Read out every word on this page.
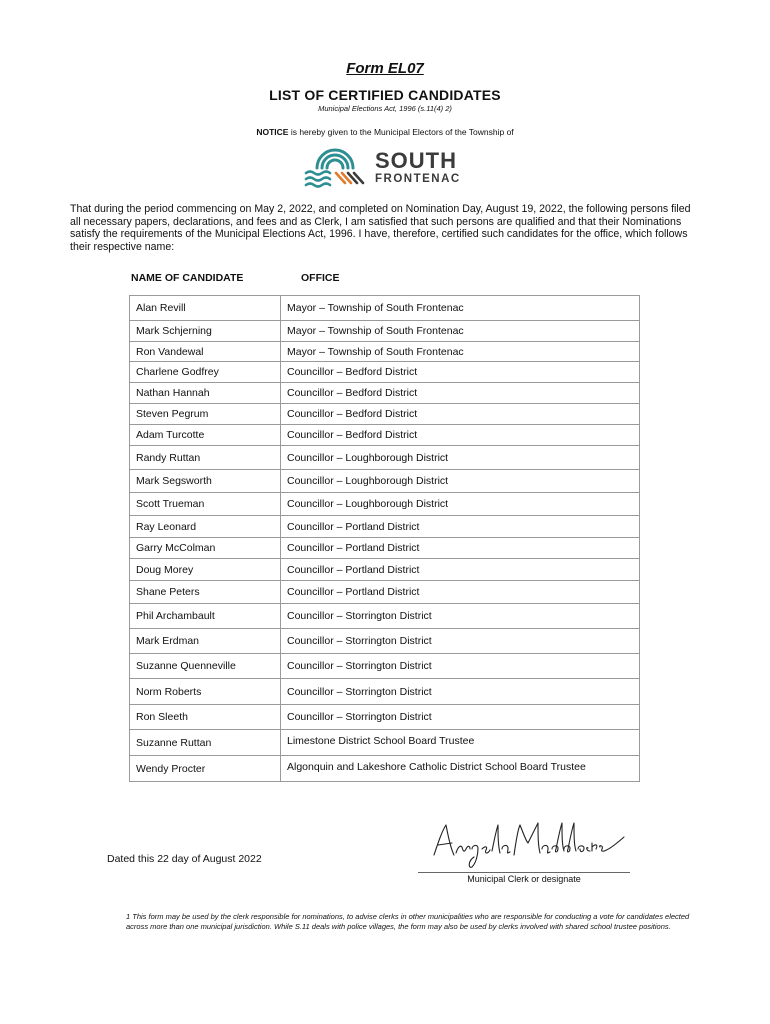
Form EL07
LIST OF CERTIFIED CANDIDATES
Municipal Elections Act, 1996 (s.11(4) 2)
NOTICE is hereby given to the Municipal Electors of the Township of
SOUTH
FRONTENAC
That during the period commencing on May 2, 2022, and completed on Nomination Day, August 19, 2022, the following persons filed all necessary papers, declarations, and fees and as Clerk, I am satisfied that such persons are qualified and that their Nominations satisfy the requirements of the Municipal Elections Act, 1996. I have, therefore, certified such candidates for the office, which follows their respective name:
NAME OF CANDIDATE	OFFICE
Alan Revill	Mayor – Township of South Frontenac
Mark Schjerning	Mayor – Township of South Frontenac
Ron Vandewal	Mayor – Township of South Frontenac
Charlene Godfrey	Councillor – Bedford District
Nathan Hannah	Councillor – Bedford District
Steven Pegrum	Councillor – Bedford District
Adam Turcotte	Councillor – Bedford District
Randy Ruttan	Councillor – Loughborough District
Mark Segsworth	Councillor – Loughborough District
Scott Trueman	Councillor – Loughborough District
Ray Leonard	Councillor – Portland District
Garry McColman	Councillor – Portland District
Doug Morey	Councillor – Portland District
Shane Peters	Councillor – Portland District
Phil Archambault	Councillor – Storrington District
Mark Erdman	Councillor – Storrington District
Suzanne Quenneville	Councillor – Storrington District
Norm Roberts	Councillor – Storrington District
Ron Sleeth	Councillor – Storrington District
Suzanne Ruttan	Limestone District School Board Trustee
Wendy Procter	Algonquin and Lakeshore Catholic District School Board Trustee
Dated this 22 day of August 2022
Angela Maddocks
Municipal Clerk or designate
1 This form may be used by the clerk responsible for nominations, to advise clerks in other municipalities who are responsible for conducting a vote for candidates elected across more than one municipal jurisdiction. While S.11 deals with police villages, the form may also be used by clerks involved with shared school trustee positions.
